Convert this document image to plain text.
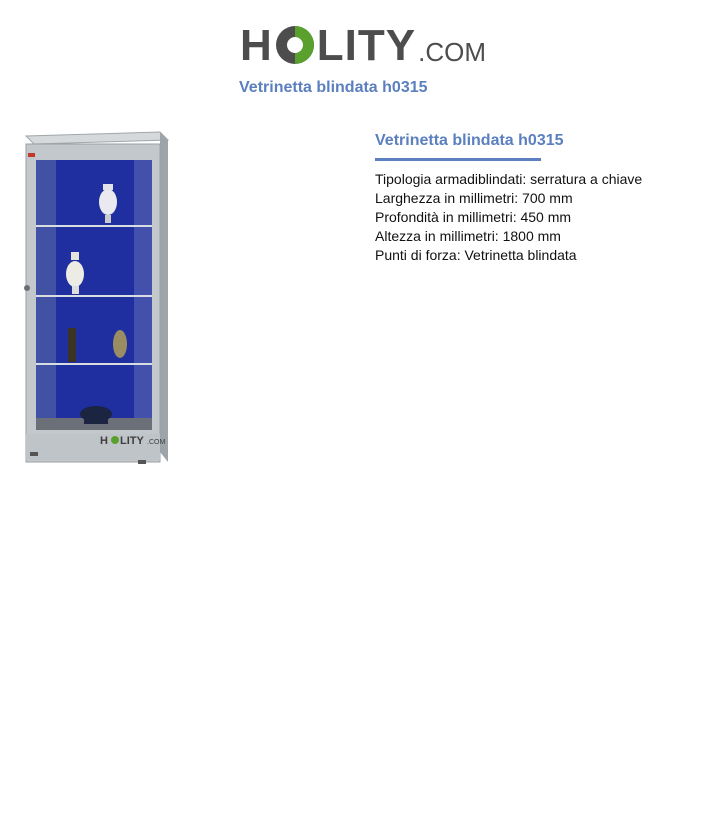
H LITY .COM
Vetrinetta blindata h0315
H LITY .COM
Vetrinetta blindata h0315
Tipologia armadiblindati: serratura a chiave
Larghezza in millimetri: 700 mm
Profondità in millimetri: 450 mm
Altezza in millimetri: 1800 mm
Punti di forza: Vetrinetta blindata
